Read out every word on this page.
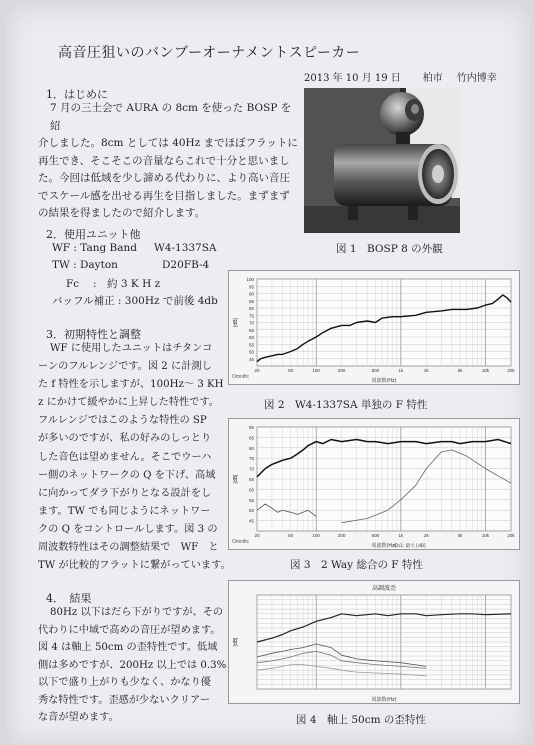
高音圧狙いのバンブーオーナメントスピーカー
2013 年 10 月 19 日 柏市 竹内博幸
1．はじめに
7 月の三土会で AURA の 8cm を使った BOSP を紹
介しました。8cm としては 40Hz までほぼフラットに
再生でき、そこそこの音量ならこれで十分と思いまし
た。今回は低域を少し諦める代わりに、より高い音圧
でスケール感を出せる再生を目指しました。まずまず
の結果を得ましたので紹介します。
図 1　BOSP 8 の外観
2．使用ユニット他
WF : Tang Band W4-1337SA
TW : Dayton	D20FB-4
Fc　 :　約 3 K H z
バッフル補正 : 300Hz で前後 4db
3．初期特性と調整
WF に使用したユニットはチタンコ
ーンのフルレンジです。図 2 に計測し
た f 特性を示しますが、100Hz～ 3 KH
z にかけて緩やかに上昇した特性です。
フルレンジではこのような特性の SP
が多いのですが、私の好みのしっとり
した音色は望めません。そこでウーハ
ー側のネットワークの Q を下げ、高域
に向かってダラ下がりとなる設計をし
ます。TW でも同じようにネットワー
クの Q をコントロールします。図 3 の
周波数特性はその調整結果で　WF　と
TW が比較的フラットに繋がっています。
45
50
55
60
65
70
75
80
85
90
95
100
20	50	100	200	500	1k	2k	5k	10k	20k
[dB]
周波数(Hz)
Omnific
図 2　W4-1337SA 単独の F 特性
45
50
55
60
65
70
75
80
85
90
20	50	100	200	500	1k	2k	5k	10k	20k
[dB]
周波数(Hz)
Ch1: 最大 [dB]
Omnific
図 3　2 Way 総合の F 特性
4．　結果
80Hz 以下はだら下がりですが、その
代わりに中域で高めの音圧が望めます。
図 4 は軸上 50cm の歪特性です。低域
側は多めですが、200Hz 以上では 0.3%
以下で盛り上がりも少なく、かなり優
秀な特性です。歪感が少ないクリアー
な音が望めます。
[dB]
周波数(Hz)
高調波歪
図 4　軸上 50cm の歪特性
